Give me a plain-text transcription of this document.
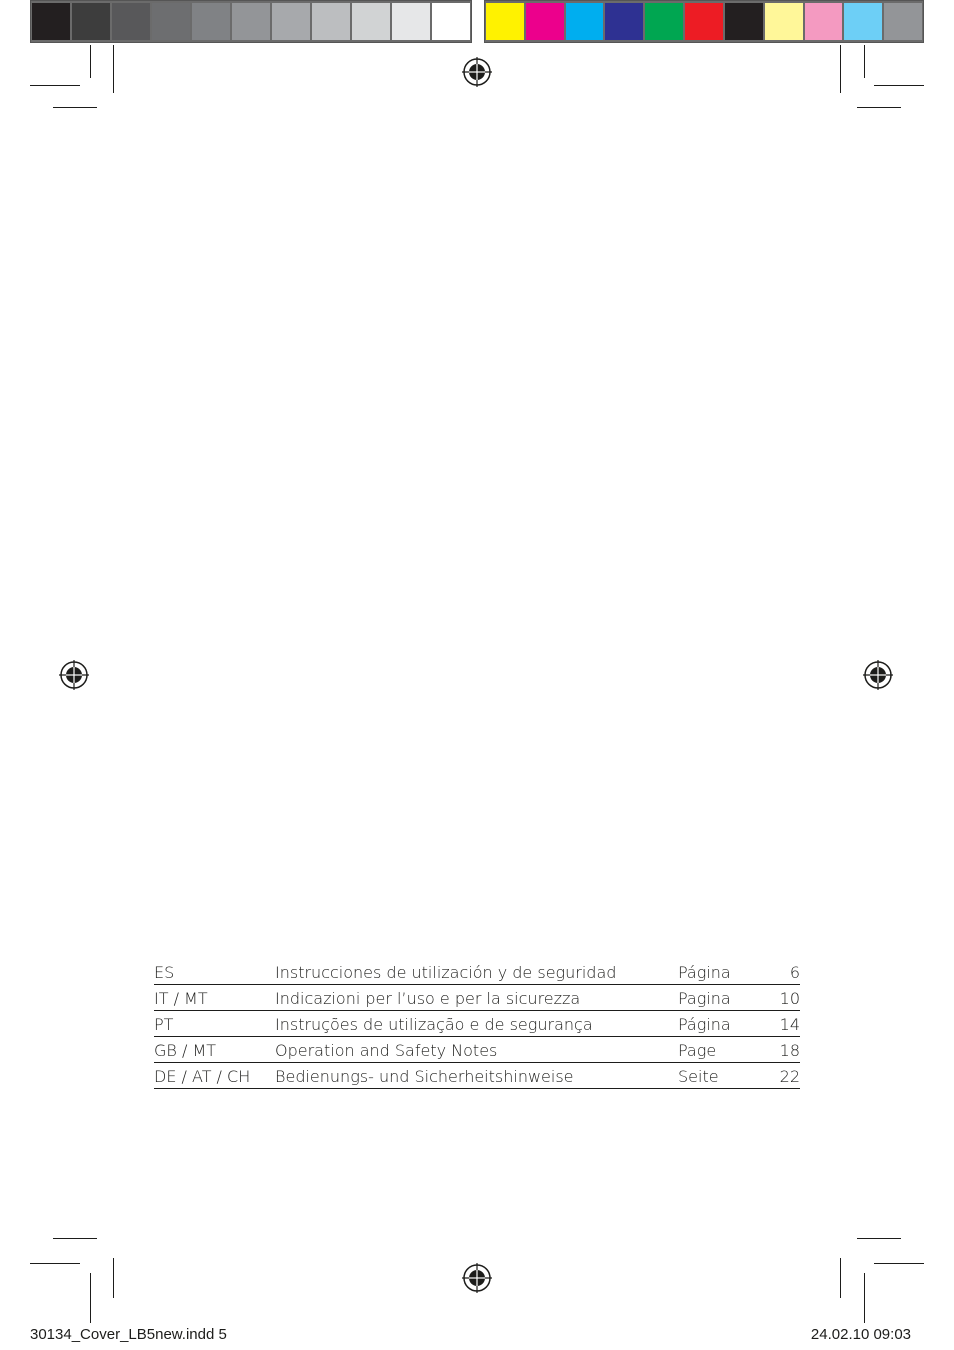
ES	Instrucciones de utilización y de seguridad	Página	6
IT / MT	Indicazioni per l’uso e per la sicurezza	Pagina	10
PT	Instruções de utilização e de segurança	Página	14
GB / MT	Operation and Safety Notes	Page	18
DE / AT / CH	Bedienungs- und Sicherheitshinweise	Seite	22
30134_Cover_LB5new.indd 5	24.02.10 09:03
